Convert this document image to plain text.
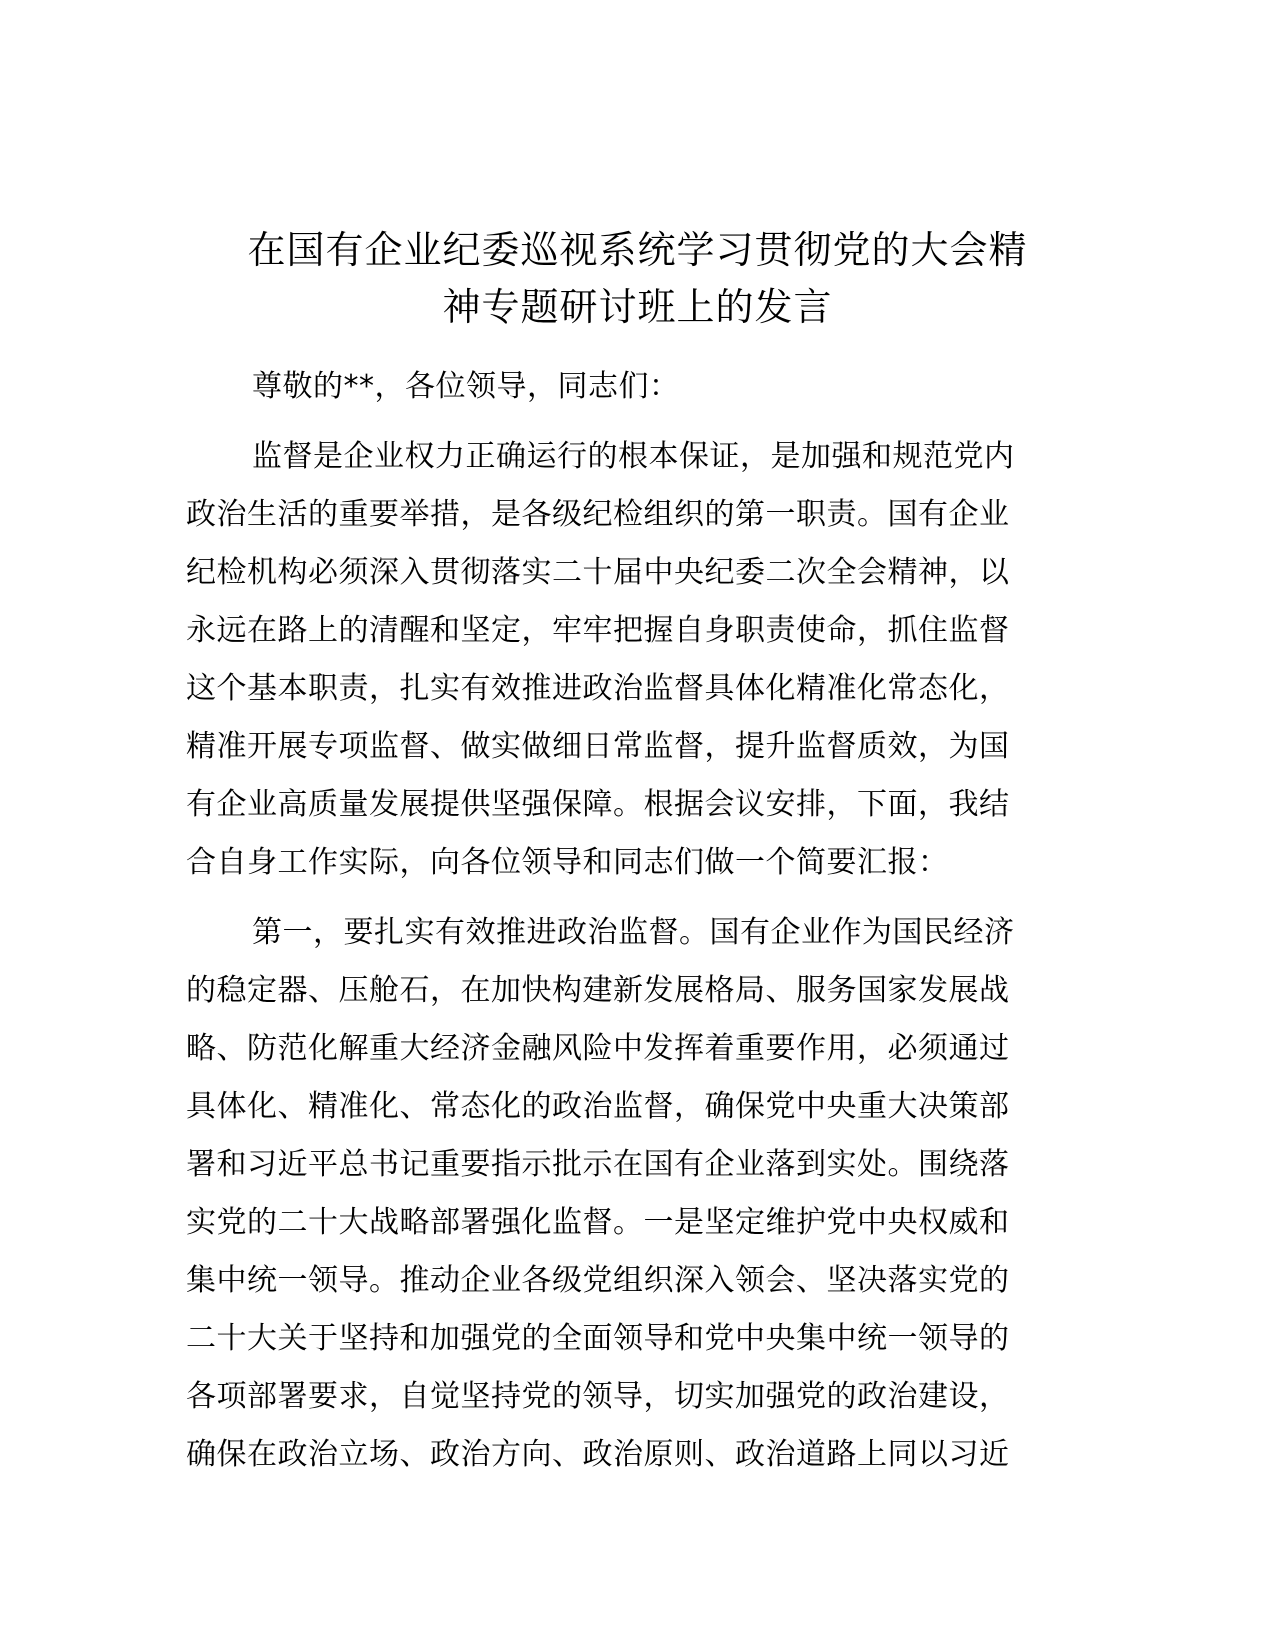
在国有企业纪委巡视系统学习贯彻党的大会精
神专题研讨班上的发言
尊敬的**，各位领导，同志们：
监督是企业权力正确运行的根本保证，是加强和规范党内
政治生活的重要举措，是各级纪检组织的第一职责。国有企业
纪检机构必须深入贯彻落实二十届中央纪委二次全会精神，以
永远在路上的清醒和坚定，牢牢把握自身职责使命，抓住监督
这个基本职责，扎实有效推进政治监督具体化精准化常态化，
精准开展专项监督、做实做细日常监督，提升监督质效，为国
有企业高质量发展提供坚强保障。根据会议安排，下面，我结
合自身工作实际，向各位领导和同志们做一个简要汇报：
第一，要扎实有效推进政治监督。国有企业作为国民经济
的稳定器、压舱石，在加快构建新发展格局、服务国家发展战
略、防范化解重大经济金融风险中发挥着重要作用，必须通过
具体化、精准化、常态化的政治监督，确保党中央重大决策部
署和习近平总书记重要指示批示在国有企业落到实处。围绕落
实党的二十大战略部署强化监督。一是坚定维护党中央权威和
集中统一领导。推动企业各级党组织深入领会、坚决落实党的
二十大关于坚持和加强党的全面领导和党中央集中统一领导的
各项部署要求，自觉坚持党的领导，切实加强党的政治建设，
确保在政治立场、政治方向、政治原则、政治道路上同以习近
